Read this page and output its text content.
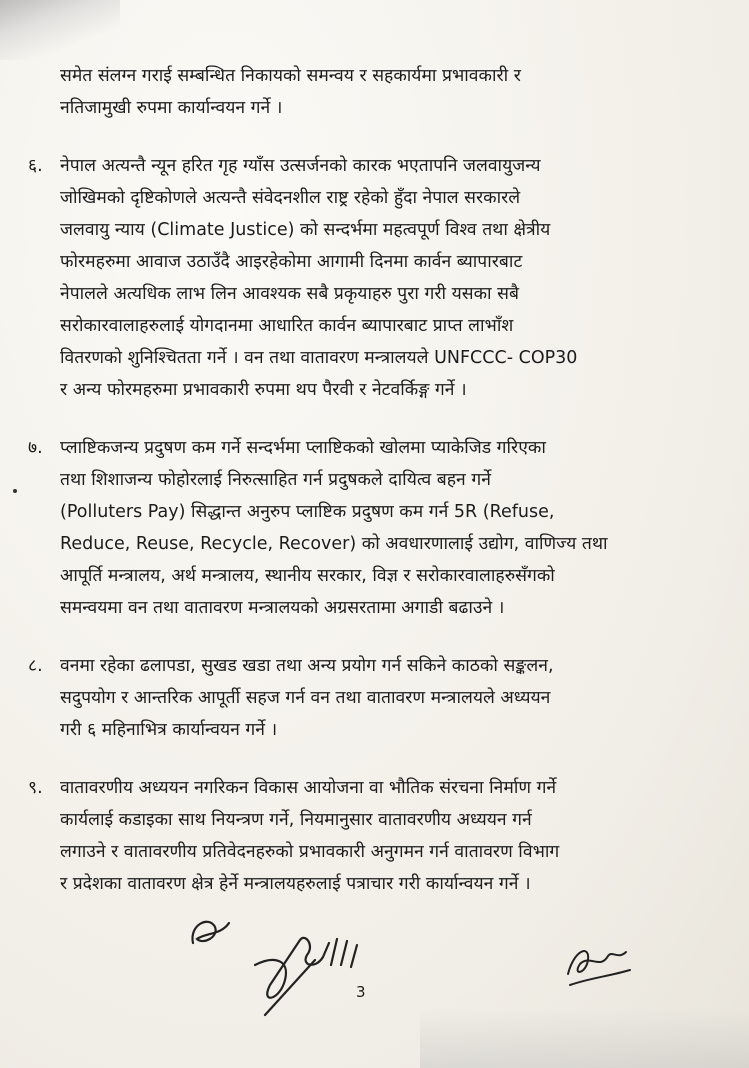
समेत संलग्न गराई सम्बन्धित निकायको समन्वय र सहकार्यमा प्रभावकारी र
नतिजामुखी रुपमा कार्यान्वयन गर्ने ।
६. नेपाल अत्यन्तै न्यून हरित गृह ग्याँस उत्सर्जनको कारक भएतापनि जलवायुजन्य
जोखिमको दृष्टिकोणले अत्यन्तै संवेदनशील राष्ट्र रहेको हुँदा नेपाल सरकारले
जलवायु न्याय (Climate Justice) को सन्दर्भमा महत्वपूर्ण विश्व तथा क्षेत्रीय
फोरमहरुमा आवाज उठाउँदै आइरहेकोमा आगामी दिनमा कार्वन ब्यापारबाट
नेपालले अत्यधिक लाभ लिन आवश्यक सबै प्रकृयाहरु पुरा गरी यसका सबै
सरोकारवालाहरुलाई योगदानमा आधारित कार्वन ब्यापारबाट प्राप्त लाभाँश
वितरणको शुनिश्चितता गर्ने । वन तथा वातावरण मन्त्रालयले UNFCCC- COP30
र अन्य फोरमहरुमा प्रभावकारी रुपमा थप पैरवी र नेटवर्किङ्ग गर्ने ।
७. प्लाष्टिकजन्य प्रदुषण कम गर्ने सन्दर्भमा प्लाष्टिकको खोलमा प्याकेजिड गरिएका
तथा शिशाजन्य फोहोरलाई निरुत्साहित गर्न प्रदुषकले दायित्व बहन गर्ने
(Polluters Pay) सिद्धान्त अनुरुप प्लाष्टिक प्रदुषण कम गर्न 5R (Refuse,
Reduce, Reuse, Recycle, Recover) को अवधारणालाई उद्योग, वाणिज्य तथा
आपूर्ति मन्त्रालय, अर्थ मन्त्रालय, स्थानीय सरकार, विज्ञ र सरोकारवालाहरुसँगको
समन्वयमा वन तथा वातावरण मन्त्रालयको अग्रसरतामा अगाडी बढाउने ।
८. वनमा रहेका ढलापडा, सुखड खडा तथा अन्य प्रयोग गर्न सकिने काठको सङ्कलन,
सदुपयोग र आन्तरिक आपूर्ती सहज गर्न वन तथा वातावरण मन्त्रालयले अध्ययन
गरी ६ महिनाभित्र कार्यान्वयन गर्ने ।
९. वातावरणीय अध्ययन नगरिकन विकास आयोजना वा भौतिक संरचना निर्माण गर्ने
कार्यलाई कडाइका साथ नियन्त्रण गर्ने, नियमानुसार वातावरणीय अध्ययन गर्न
लगाउने र वातावरणीय प्रतिवेदनहरुको प्रभावकारी अनुगमन गर्न वातावरण विभाग
र प्रदेशका वातावरण क्षेत्र हेर्ने मन्त्रालयहरुलाई पत्राचार गरी कार्यान्वयन गर्ने ।
3
